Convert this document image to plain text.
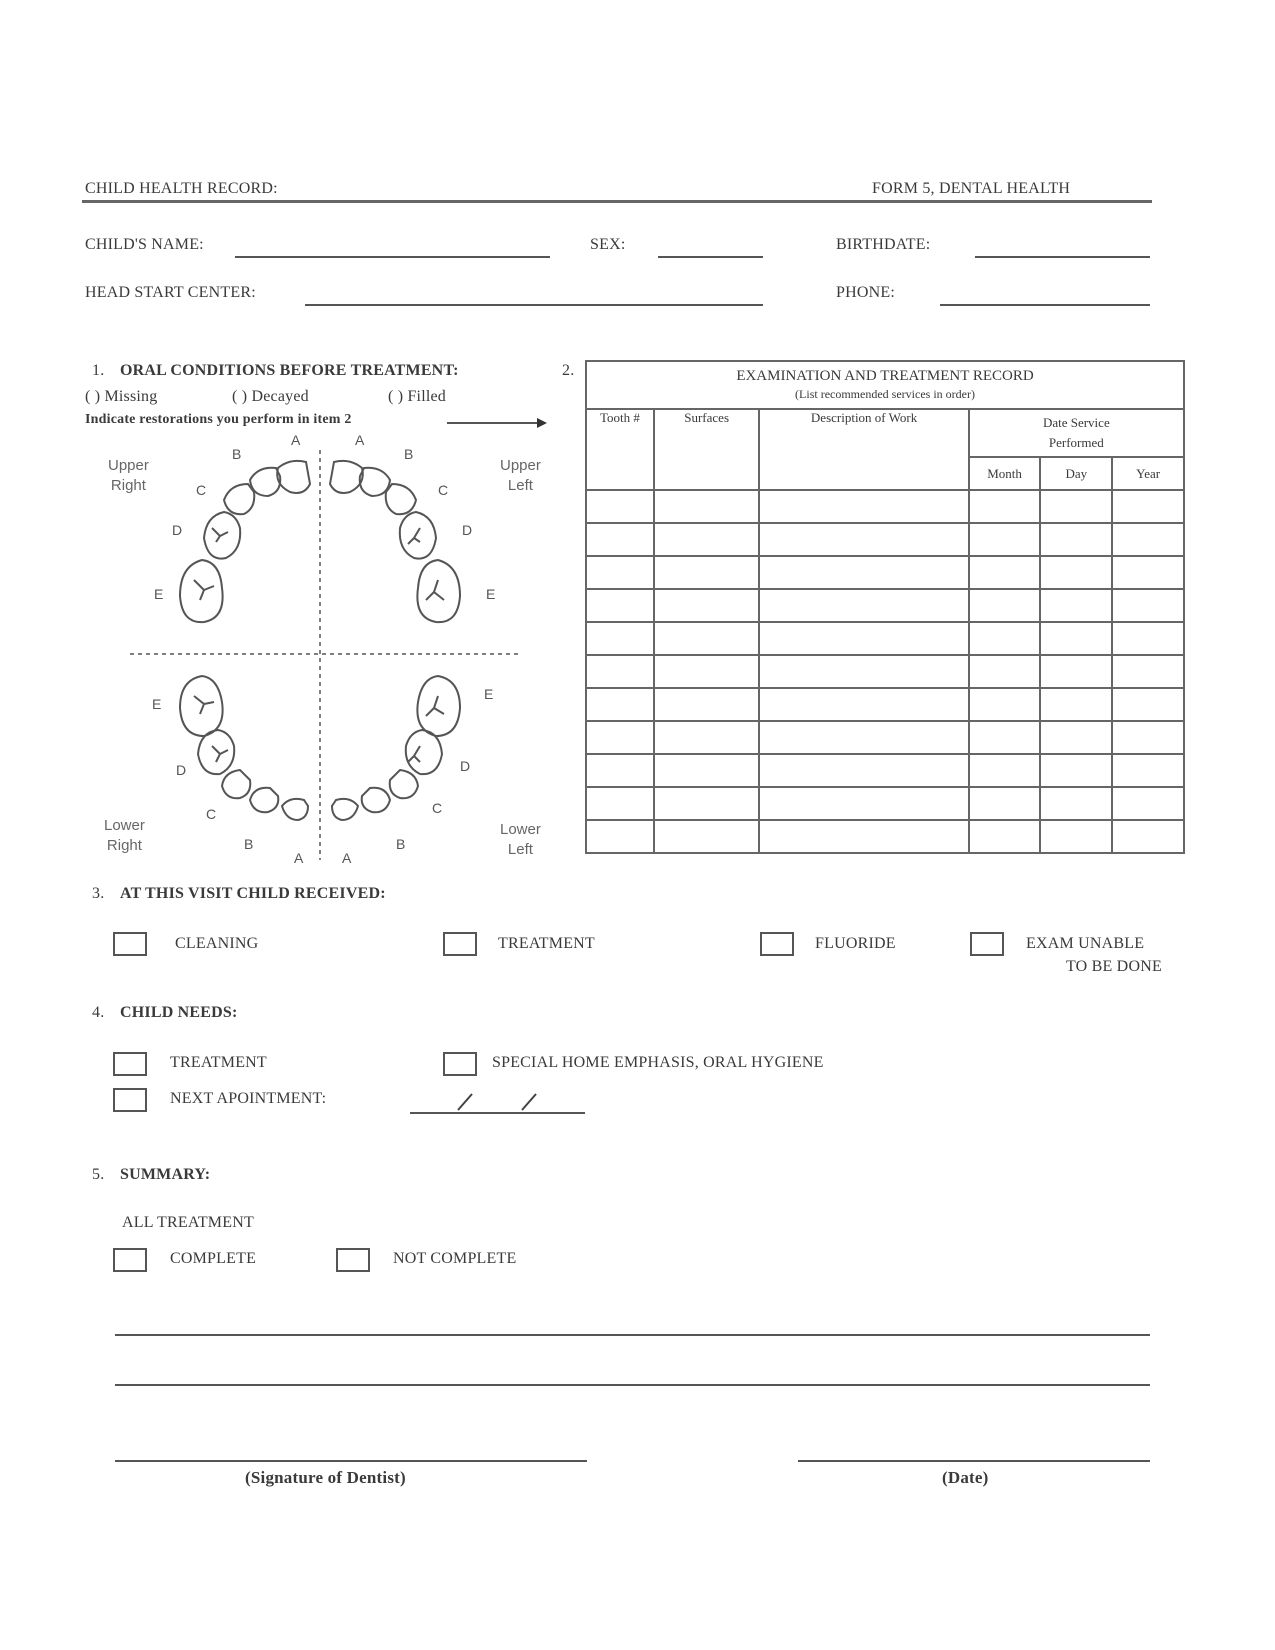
CHILD HEALTH RECORD:	FORM 5, DENTAL HEALTH
CHILD'S NAME:	SEX:	BIRTHDATE:
HEAD START CENTER:	PHONE:
1. ORAL CONDITIONS BEFORE TREATMENT:
( ) Missing	( ) Decayed	( ) Filled
Indicate restorations you perform in item 2
Upper
Right
Upper
Left
Lower
Right
Lower
Left
A	A
B	B
C	C
D	D
E	E
E
E
D	D
C	C
B	B
A	A
2.	EXAMINATION AND TREATMENT RECORD
(List recommended services in order)					

Tooth #	Surfaces	Description of Work	Date Service
Performed		
			Month	Day	Year

3. AT THIS VISIT CHILD RECEIVED:
CLEANING	TREATMENT	FLUORIDE	EXAM UNABLE
TO BE DONE
4. CHILD NEEDS:
TREATMENT	SPECIAL HOME EMPHASIS, ORAL HYGIENE
NEXT APOINTMENT:
5. SUMMARY:
ALL TREATMENT
COMPLETE	NOT COMPLETE
(Signature of Dentist)	(Date)
